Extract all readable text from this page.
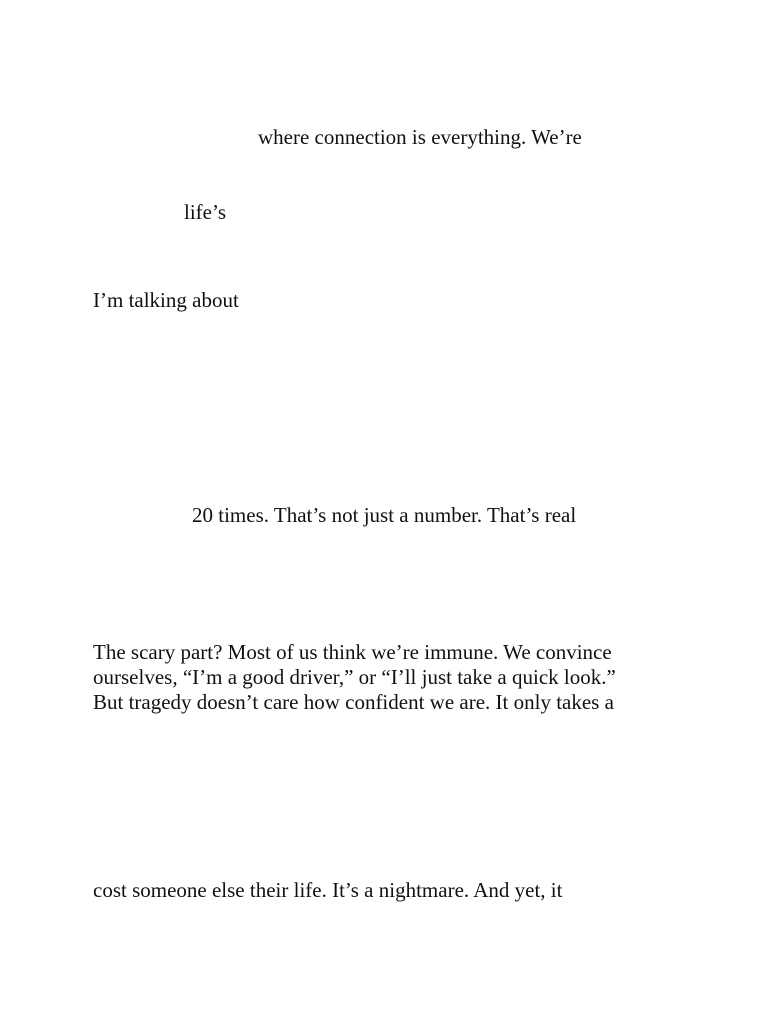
where connection is everything. We’re

life’s

I’m talking about

20 times. That’s not just a number. That’s real

The scary part? Most of us think we’re immune. We convince

ourselves, “I’m a good driver,” or “I’ll just take a quick look.”

But tragedy doesn’t care how confident we are. It only takes a

cost someone else their life. It’s a nightmare. And yet, it
